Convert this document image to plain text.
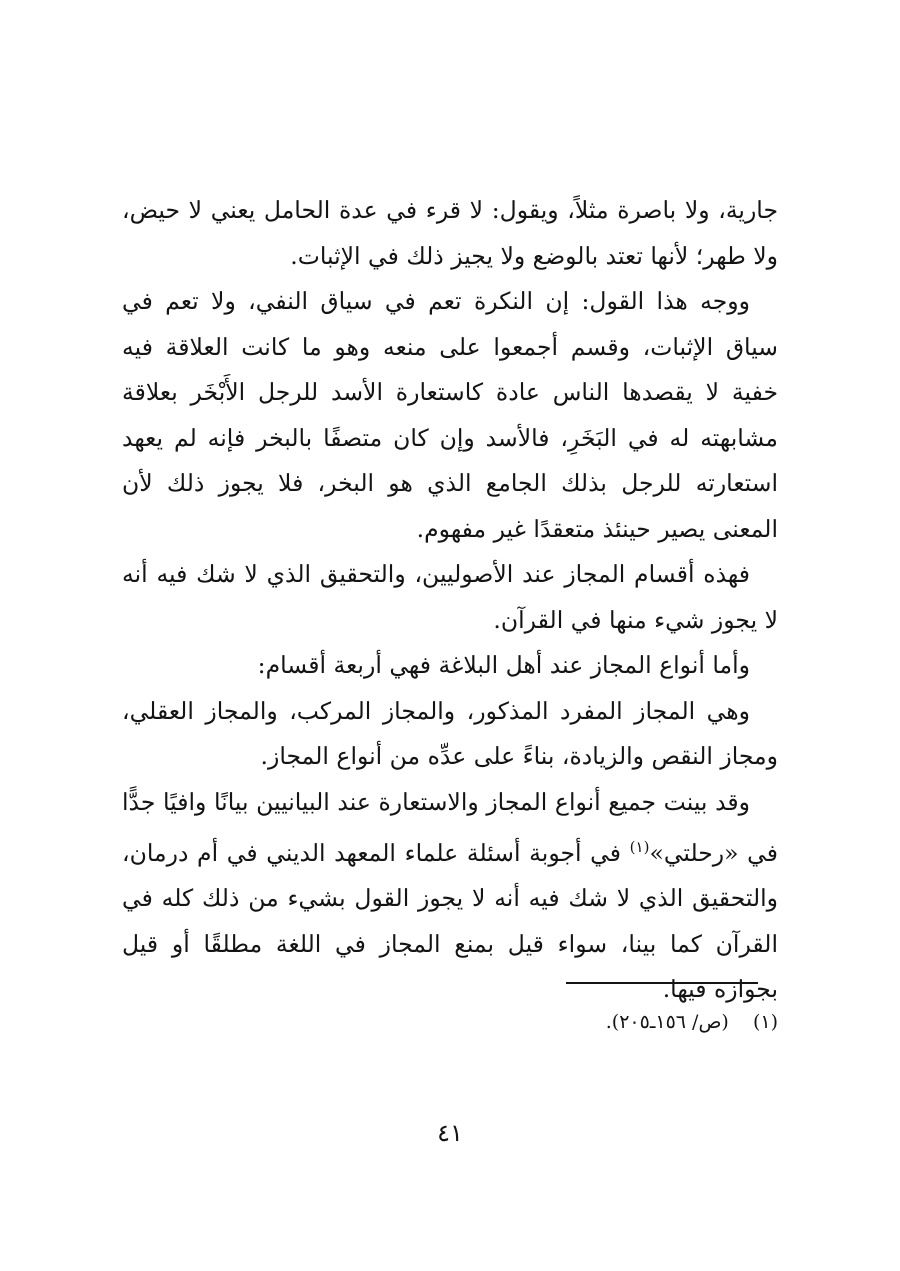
جارية، ولا باصرة مثلاً، ويقول: لا قرء في عدة الحامل يعني لا حيض، ولا طهر؛ لأنها تعتد بالوضع ولا يجيز ذلك في الإثبات.

ووجه هذا القول: إن النكرة تعم في سياق النفي، ولا تعم في سياق الإثبات، وقسم أجمعوا على منعه وهو ما كانت العلاقة فيه خفية لا يقصدها الناس عادة كاستعارة الأسد للرجل الأَبْخَر بعلاقة مشابهته له في البَخَرِ، فالأسد وإن كان متصفًا بالبخر فإنه لم يعهد استعارته للرجل بذلك الجامع الذي هو البخر، فلا يجوز ذلك لأن المعنى يصير حينئذ متعقدًا غير مفهوم.

فهذه أقسام المجاز عند الأصوليين، والتحقيق الذي لا شك فيه أنه لا يجوز شيء منها في القرآن.

وأما أنواع المجاز عند أهل البلاغة فهي أربعة أقسام:

وهي المجاز المفرد المذكور، والمجاز المركب، والمجاز العقلي، ومجاز النقص والزيادة، بناءً على عدِّه من أنواع المجاز.

وقد بينت جميع أنواع المجاز والاستعارة عند البيانيين بيانًا وافيًا جدًّا في «رحلتي»$^{(١)}$ في أجوبة أسئلة علماء المعهد الديني في أم درمان، والتحقيق الذي لا شك فيه أنه لا يجوز القول بشيء من ذلك كله في القرآن كما بينا، سواء قيل بمنع المجاز في اللغة مطلقًا أو قيل بجوازه فيها.

(١)  (ص/ ١٥٦ـ٢٠٥).
٤١
